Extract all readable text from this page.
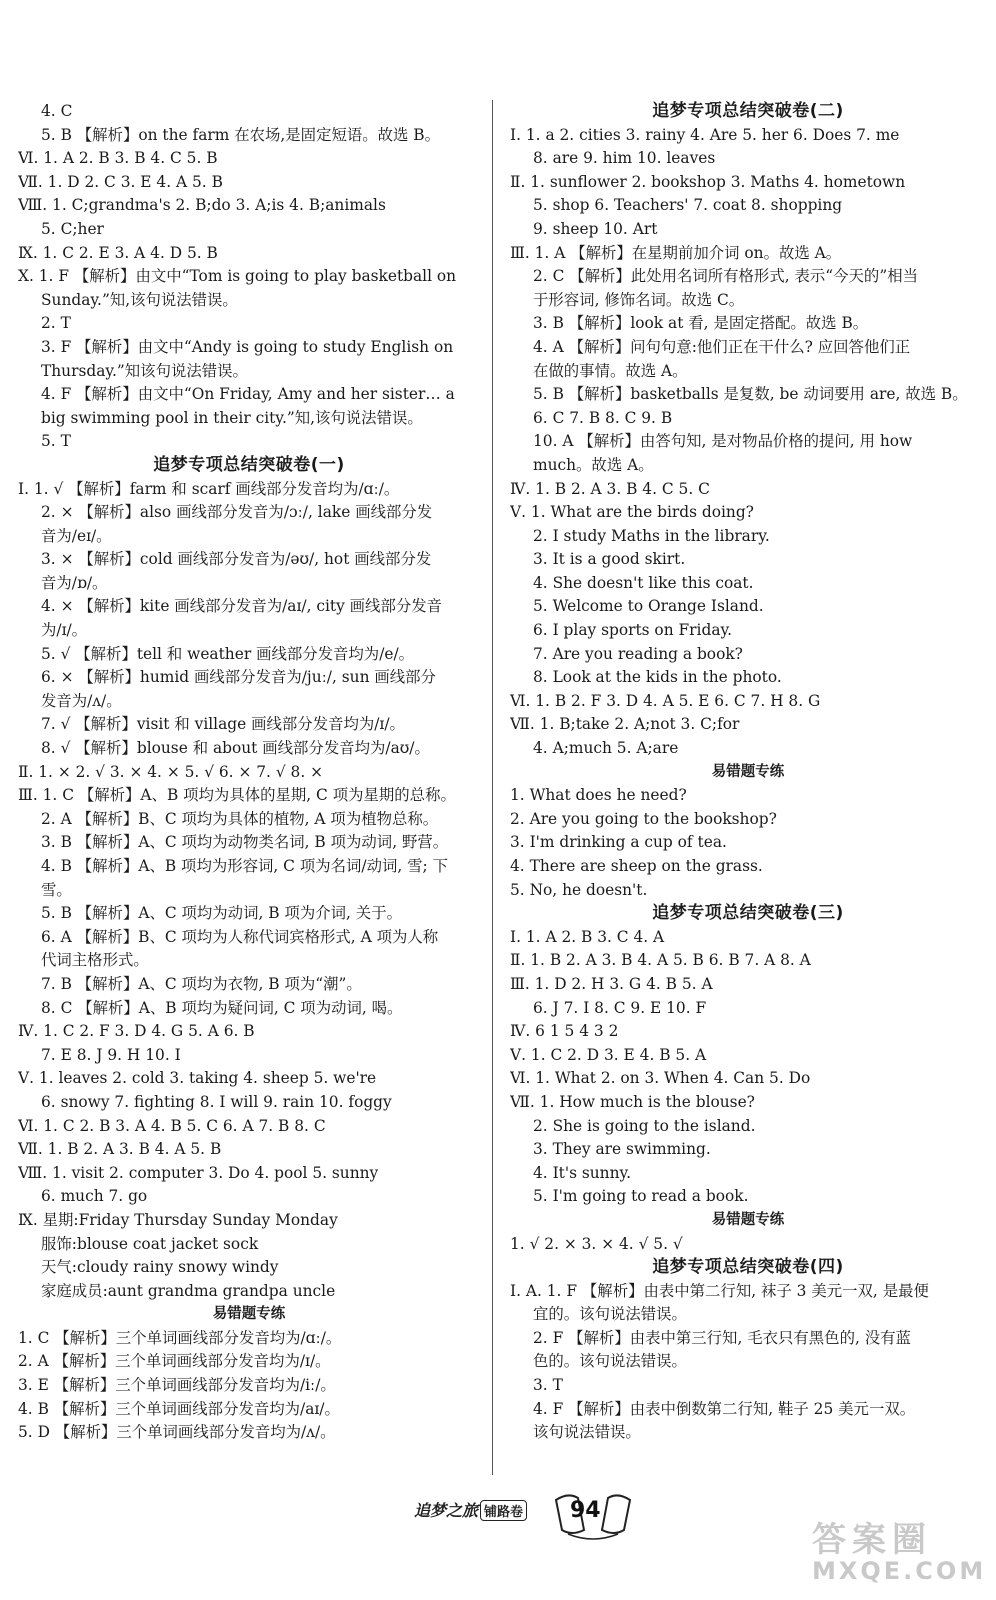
4. C
5. B 【解析】on the farm 在农场,是固定短语。故选 B。
Ⅵ. 1. A 2. B 3. B 4. C 5. B
Ⅶ. 1. D 2. C 3. E 4. A 5. B
Ⅷ. 1. C;grandma's 2. B;do 3. A;is 4. B;animals
5. C;her
Ⅸ. 1. C 2. E 3. A 4. D 5. B
Ⅹ. 1. F 【解析】由文中“Tom is going to play basketball on
Sunday.”知,该句说法错误。
2. T
3. F 【解析】由文中“Andy is going to study English on
Thursday.”知该句说法错误。
4. F 【解析】由文中“On Friday, Amy and her sister… a
big swimming pool in their city.”知,该句说法错误。
5. T
追梦专项总结突破卷(一)
Ⅰ. 1. √ 【解析】farm 和 scarf 画线部分发音均为/ɑː/。
2. × 【解析】also 画线部分发音为/ɔː/, lake 画线部分发
音为/eɪ/。
3. × 【解析】cold 画线部分发音为/əʊ/, hot 画线部分发
音为/ɒ/。
4. × 【解析】kite 画线部分发音为/aɪ/, city 画线部分发音
为/ɪ/。
5. √ 【解析】tell 和 weather 画线部分发音均为/e/。
6. × 【解析】humid 画线部分发音为/juː/, sun 画线部分
发音为/ʌ/。
7. √ 【解析】visit 和 village 画线部分发音均为/ɪ/。
8. √ 【解析】blouse 和 about 画线部分发音均为/aʊ/。
Ⅱ. 1. × 2. √ 3. × 4. × 5. √ 6. × 7. √ 8. ×
Ⅲ. 1. C 【解析】A、B 项均为具体的星期, C 项为星期的总称。
2. A 【解析】B、C 项均为具体的植物, A 项为植物总称。
3. B 【解析】A、C 项均为动物类名词, B 项为动词, 野营。
4. B 【解析】A、B 项均为形容词, C 项为名词/动词, 雪; 下
雪。
5. B 【解析】A、C 项均为动词, B 项为介词, 关于。
6. A 【解析】B、C 项均为人称代词宾格形式, A 项为人称
代词主格形式。
7. B 【解析】A、C 项均为衣物, B 项为“潮”。
8. C 【解析】A、B 项均为疑问词, C 项为动词, 喝。
Ⅳ. 1. C 2. F 3. D 4. G 5. A 6. B
7. E 8. J 9. H 10. I
Ⅴ. 1. leaves 2. cold 3. taking 4. sheep 5. we're
6. snowy 7. fighting 8. I will 9. rain 10. foggy
Ⅵ. 1. C 2. B 3. A 4. B 5. C 6. A 7. B 8. C
Ⅶ. 1. B 2. A 3. B 4. A 5. B
Ⅷ. 1. visit 2. computer 3. Do 4. pool 5. sunny
6. much 7. go
Ⅸ. 星期:Friday Thursday Sunday Monday
服饰:blouse coat jacket sock
天气:cloudy rainy snowy windy
家庭成员:aunt grandma grandpa uncle
易错题专练
1. C 【解析】三个单词画线部分发音均为/ɑː/。
2. A 【解析】三个单词画线部分发音均为/ɪ/。
3. E 【解析】三个单词画线部分发音均为/iː/。
4. B 【解析】三个单词画线部分发音均为/aɪ/。
5. D 【解析】三个单词画线部分发音均为/ʌ/。
追梦专项总结突破卷(二)
Ⅰ. 1. a 2. cities 3. rainy 4. Are 5. her 6. Does 7. me
8. are 9. him 10. leaves
Ⅱ. 1. sunflower 2. bookshop 3. Maths 4. hometown
5. shop 6. Teachers' 7. coat 8. shopping
9. sheep 10. Art
Ⅲ. 1. A 【解析】在星期前加介词 on。故选 A。
2. C 【解析】此处用名词所有格形式, 表示“今天的”相当
于形容词, 修饰名词。故选 C。
3. B 【解析】look at 看, 是固定搭配。故选 B。
4. A 【解析】问句句意:他们正在干什么? 应回答他们正
在做的事情。故选 A。
5. B 【解析】basketballs 是复数, be 动词要用 are, 故选 B。
6. C 7. B 8. C 9. B
10. A 【解析】由答句知, 是对物品价格的提问, 用 how
much。故选 A。
Ⅳ. 1. B 2. A 3. B 4. C 5. C
Ⅴ. 1. What are the birds doing?
2. I study Maths in the library.
3. It is a good skirt.
4. She doesn't like this coat.
5. Welcome to Orange Island.
6. I play sports on Friday.
7. Are you reading a book?
8. Look at the kids in the photo.
Ⅵ. 1. B 2. F 3. D 4. A 5. E 6. C 7. H 8. G
Ⅶ. 1. B;take 2. A;not 3. C;for
4. A;much 5. A;are
易错题专练
1. What does he need?
2. Are you going to the bookshop?
3. I'm drinking a cup of tea.
4. There are sheep on the grass.
5. No, he doesn't.
追梦专项总结突破卷(三)
Ⅰ. 1. A 2. B 3. C 4. A
Ⅱ. 1. B 2. A 3. B 4. A 5. B 6. B 7. A 8. A
Ⅲ. 1. D 2. H 3. G 4. B 5. A
6. J 7. I 8. C 9. E 10. F
Ⅳ. 6 1 5 4 3 2
Ⅴ. 1. C 2. D 3. E 4. B 5. A
Ⅵ. 1. What 2. on 3. When 4. Can 5. Do
Ⅶ. 1. How much is the blouse?
2. She is going to the island.
3. They are swimming.
4. It's sunny.
5. I'm going to read a book.
易错题专练
1. √ 2. × 3. × 4. √ 5. √
追梦专项总结突破卷(四)
Ⅰ. A. 1. F 【解析】由表中第二行知, 袜子 3 美元一双, 是最便
宜的。该句说法错误。
2. F 【解析】由表中第三行知, 毛衣只有黑色的, 没有蓝
色的。该句说法错误。
3. T
4. F 【解析】由表中倒数第二行知, 鞋子 25 美元一双。
该句说法错误。
追梦之旅 铺路卷 94
答案圈
MXQE.COM
